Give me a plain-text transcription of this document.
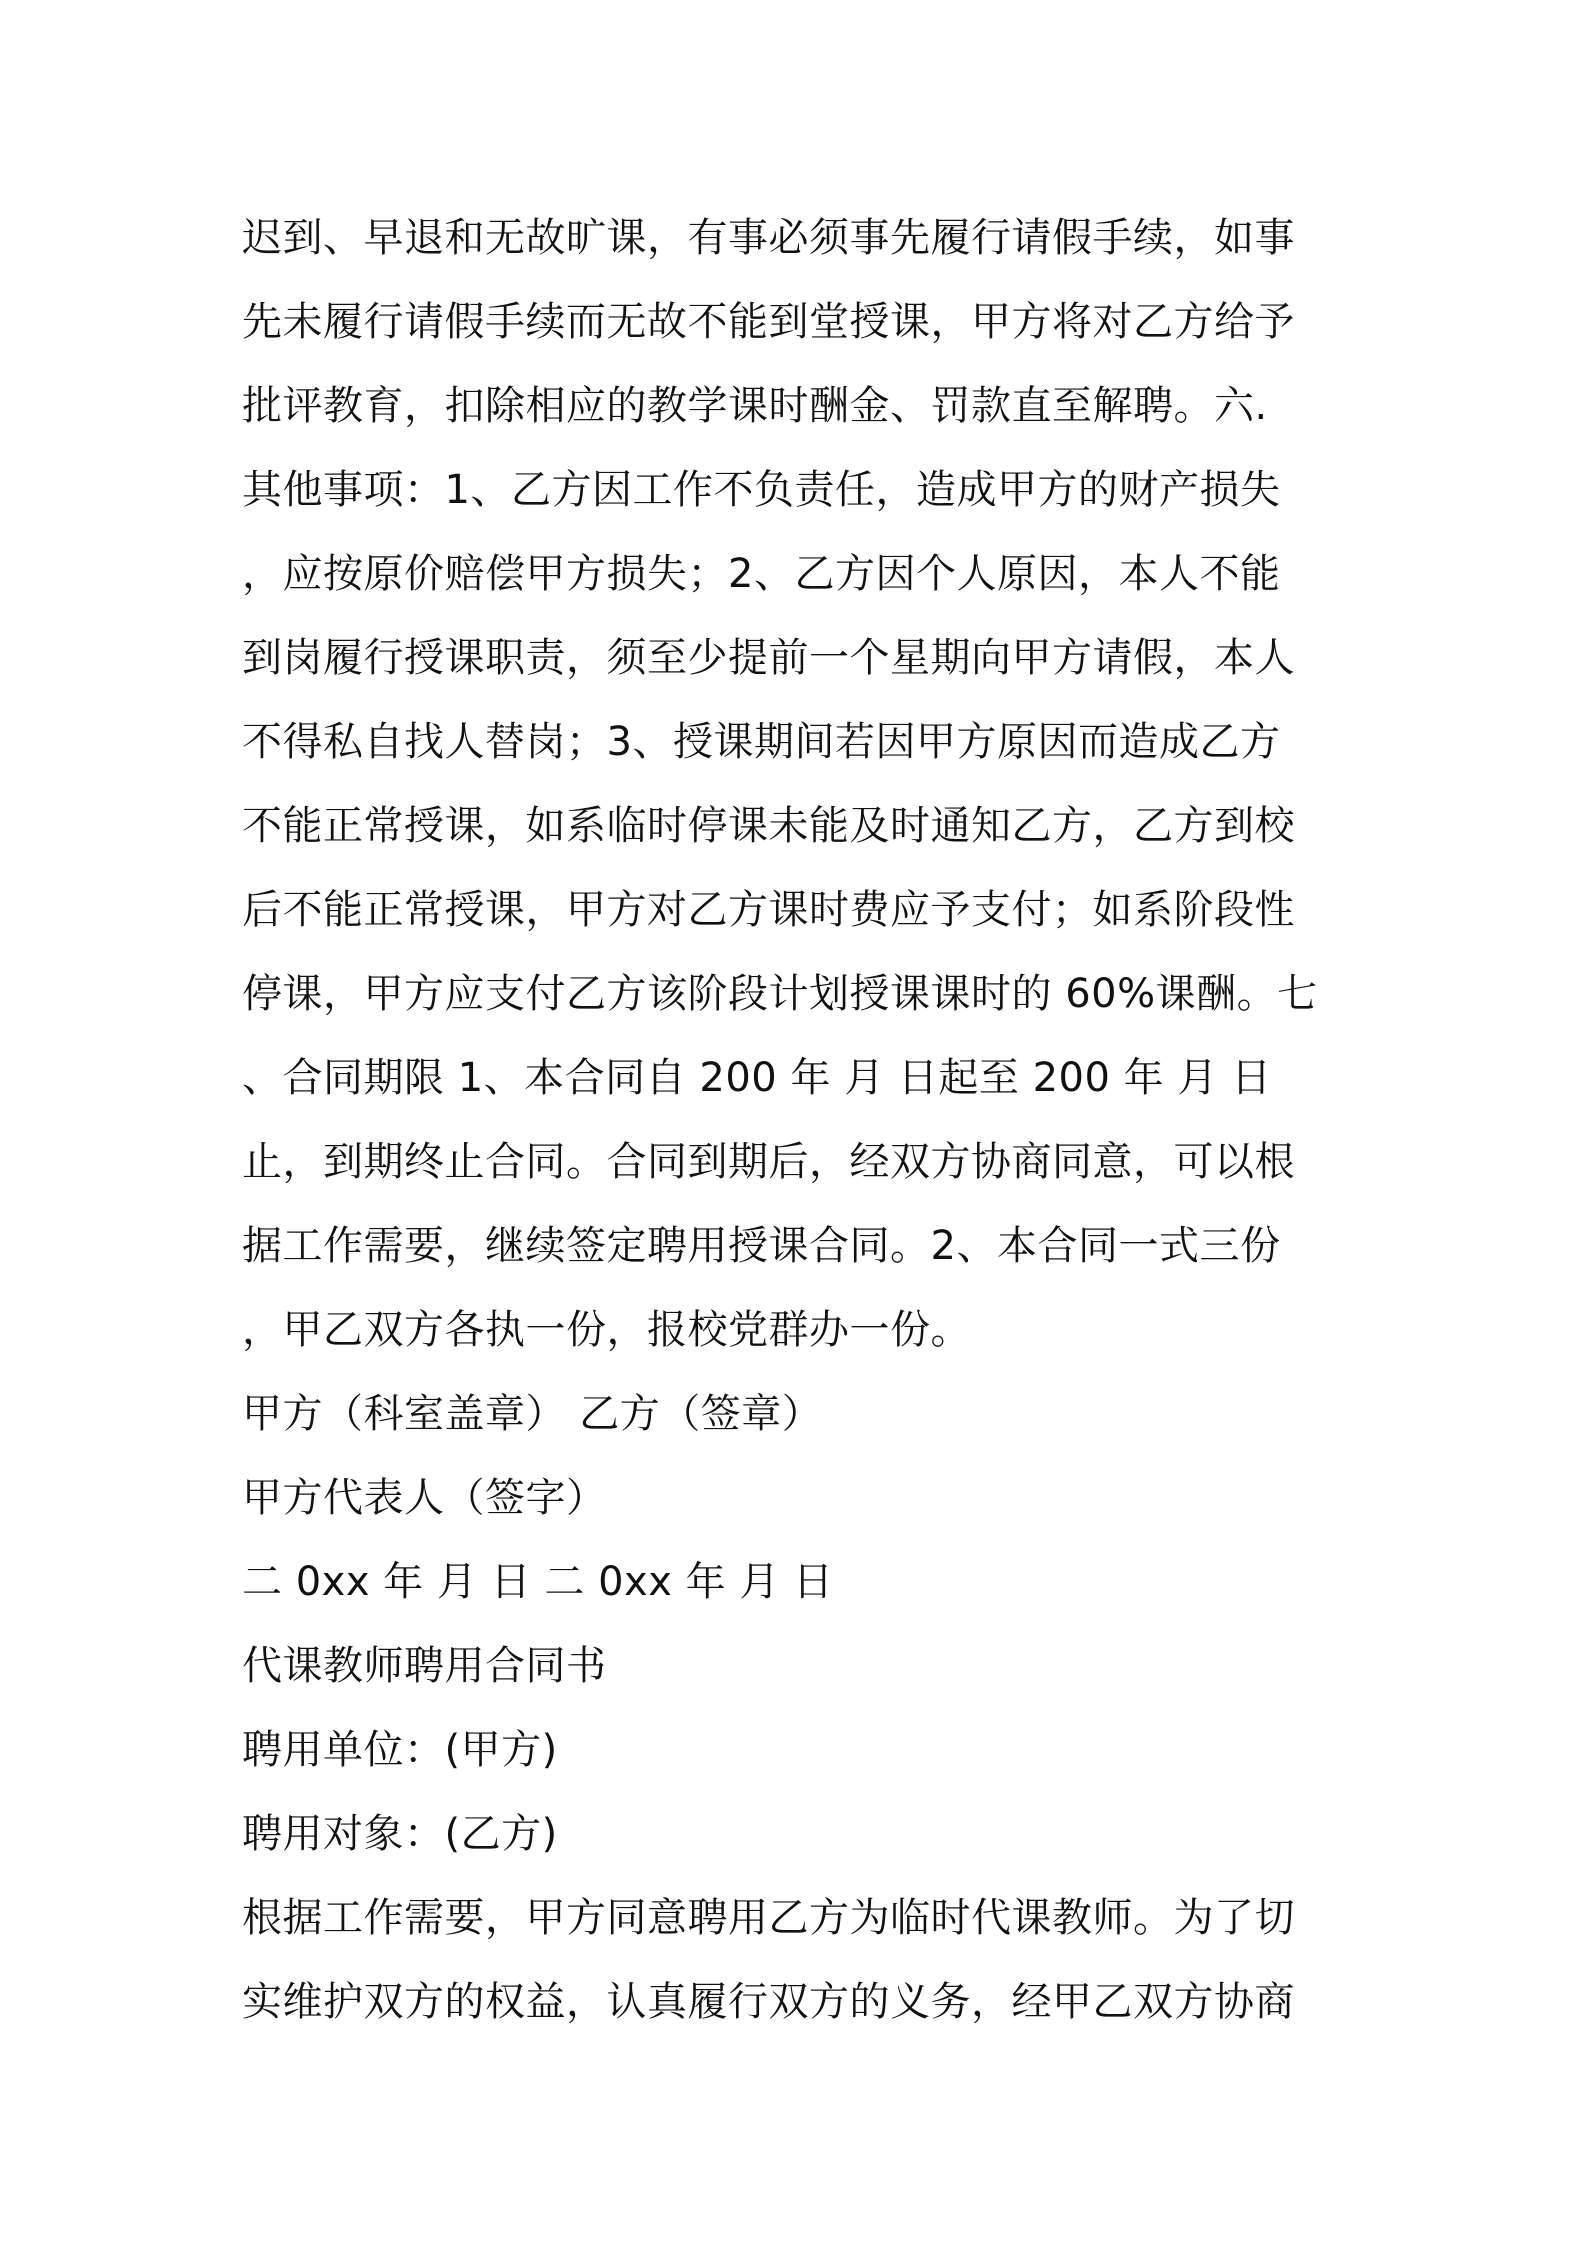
迟到、早退和无故旷课，有事必须事先履行请假手续，如事
先未履行请假手续而无故不能到堂授课，甲方将对乙方给予
批评教育，扣除相应的教学课时酬金、罚款直至解聘。六.
其他事项：1、乙方因工作不负责任，造成甲方的财产损失
，应按原价赔偿甲方损失；2、乙方因个人原因，本人不能
到岗履行授课职责，须至少提前一个星期向甲方请假，本人
不得私自找人替岗；3、授课期间若因甲方原因而造成乙方
不能正常授课，如系临时停课未能及时通知乙方，乙方到校
后不能正常授课，甲方对乙方课时费应予支付；如系阶段性
停课，甲方应支付乙方该阶段计划授课课时的 60%课酬。七
、合同期限 1、本合同自 200 年 月 日起至 200 年 月 日
止，到期终止合同。合同到期后，经双方协商同意，可以根
据工作需要，继续签定聘用授课合同。2、本合同一式三份
，甲乙双方各执一份，报校党群办一份。
甲方（科室盖章） 乙方（签章）
甲方代表人（签字）
二 0xx 年 月 日 二 0xx 年 月 日
代课教师聘用合同书
聘用单位：(甲方)
聘用对象：(乙方)
根据工作需要，甲方同意聘用乙方为临时代课教师。为了切
实维护双方的权益，认真履行双方的义务，经甲乙双方协商
